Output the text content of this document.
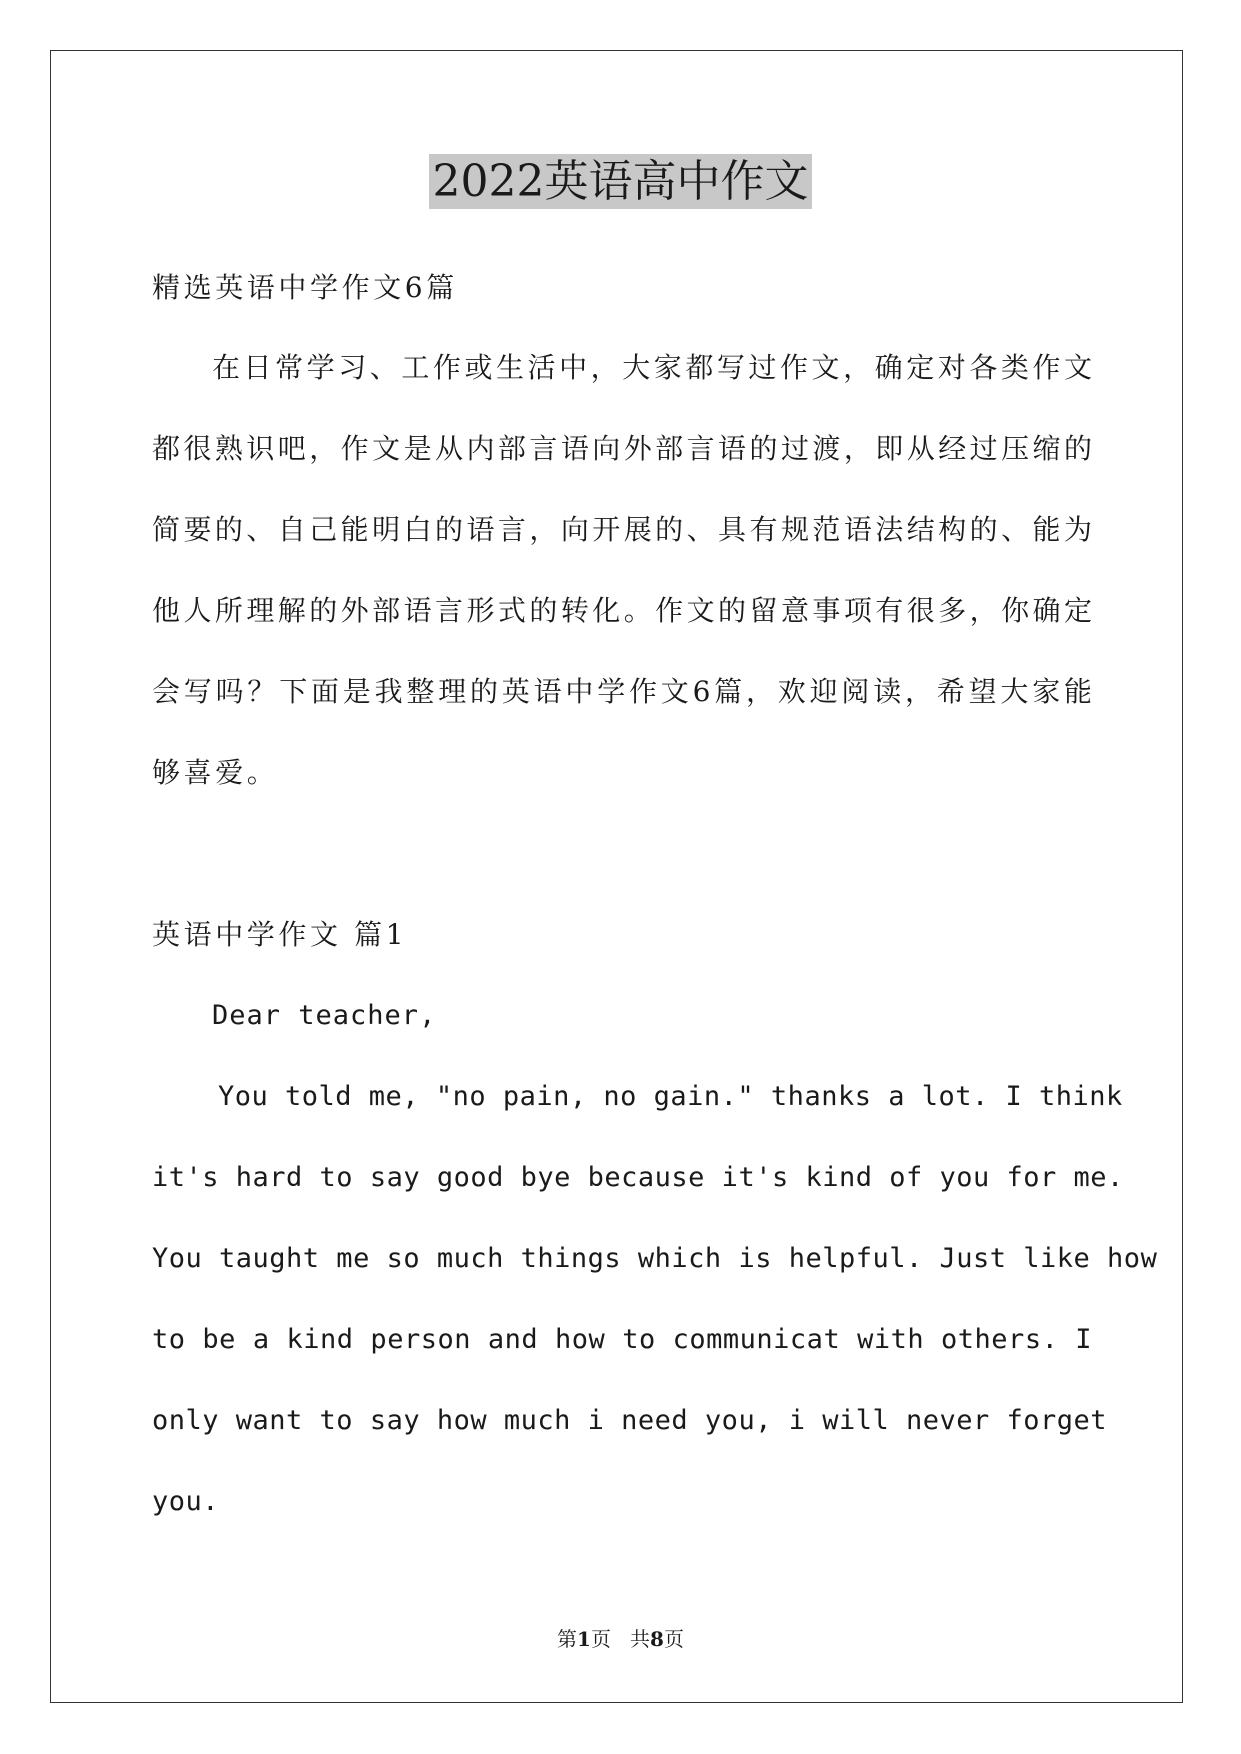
2022英语高中作文
精选英语中学作文6篇
在日常学习、工作或生活中，大家都写过作文，确定对各类作文
都很熟识吧，作文是从内部言语向外部言语的过渡，即从经过压缩的
简要的、自己能明白的语言，向开展的、具有规范语法结构的、能为
他人所理解的外部语言形式的转化。作文的留意事项有很多，你确定
会写吗？下面是我整理的英语中学作文6篇，欢迎阅读，希望大家能
够喜爱。
英语中学作文 篇1
Dear teacher,
You told me, "no pain, no gain." thanks a lot. I think
it's hard to say good bye because it's kind of you for me.
You taught me so much things which is helpful. Just like how
to be a kind person and how to communicat with others. I
only want to say how much i need you, i will never forget
you.
第1页 共8页
